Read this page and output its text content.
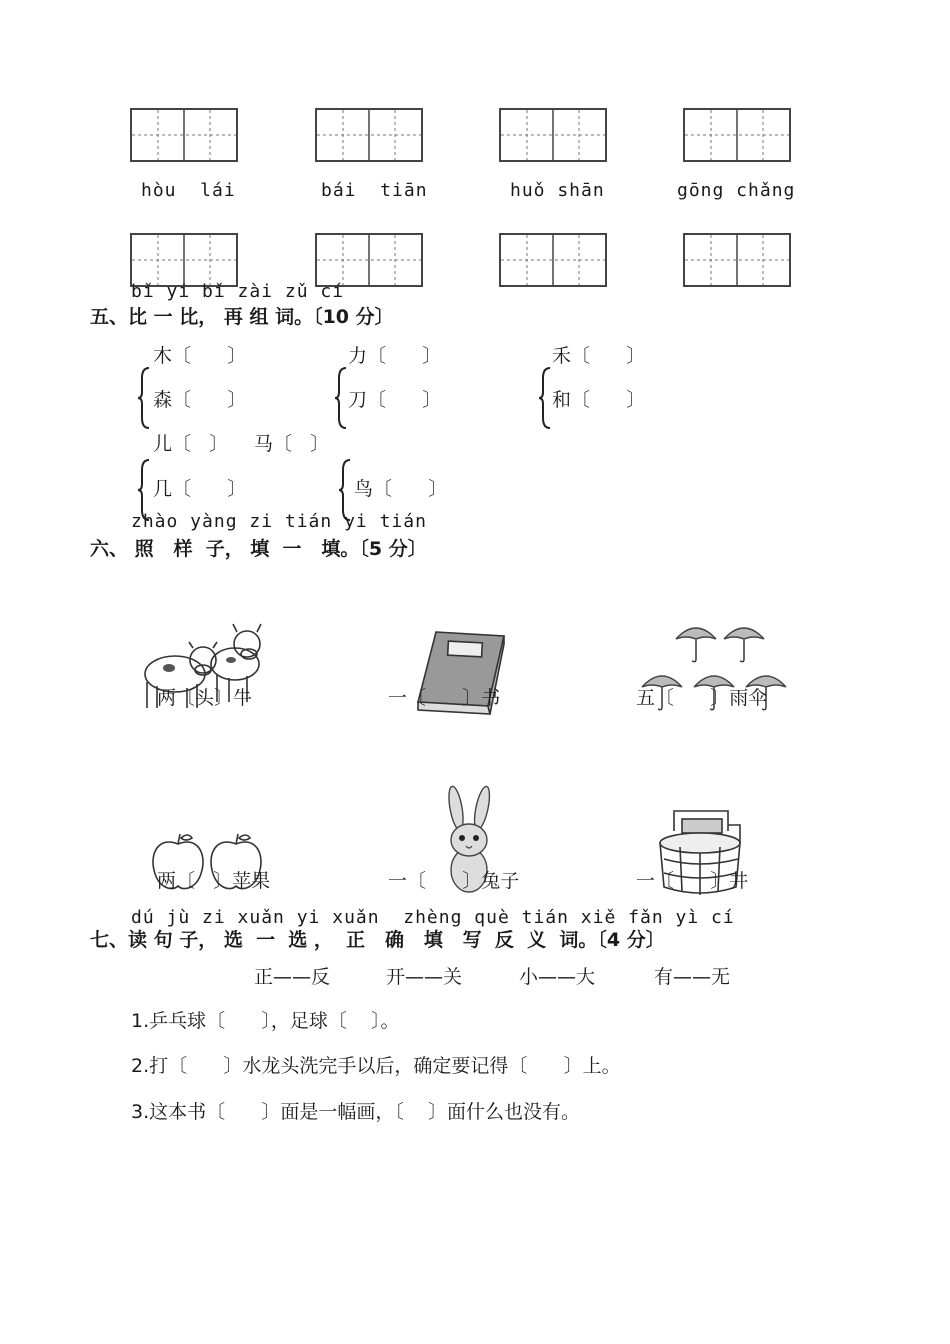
hòu  lái	bái  tiān	huǒ shān	gōng chǎng
bǐ yi bǐ zài zǔ cí
五、比 一 比， 再 组 词。〔10 分〕
木〔      〕
森〔      〕
力〔      〕
刀〔      〕
禾〔      〕
和〔      〕
儿〔   〕
几〔      〕
马〔   〕
鸟〔      〕
zhào yàng zi tián yi tián
六、 照   样  子， 填  一   填。〔5 分〕
两〔头〕牛	一〔      〕书	五〔      〕雨伞
两〔   〕苹果	一〔      〕兔子	一〔      〕井
dú jù zi xuǎn yi xuǎn  zhèng què tián xiě fǎn yì cí
七、读 句 子， 选  一  选 ，  正   确   填   写  反  义  词。〔4 分〕
正——反	开——关	小——大	有——无
1.乒乓球〔      〕，足球〔    〕。
2.打〔      〕水龙头洗完手以后，确定要记得〔      〕上。
3.这本书〔      〕面是一幅画，〔    〕面什么也没有。
